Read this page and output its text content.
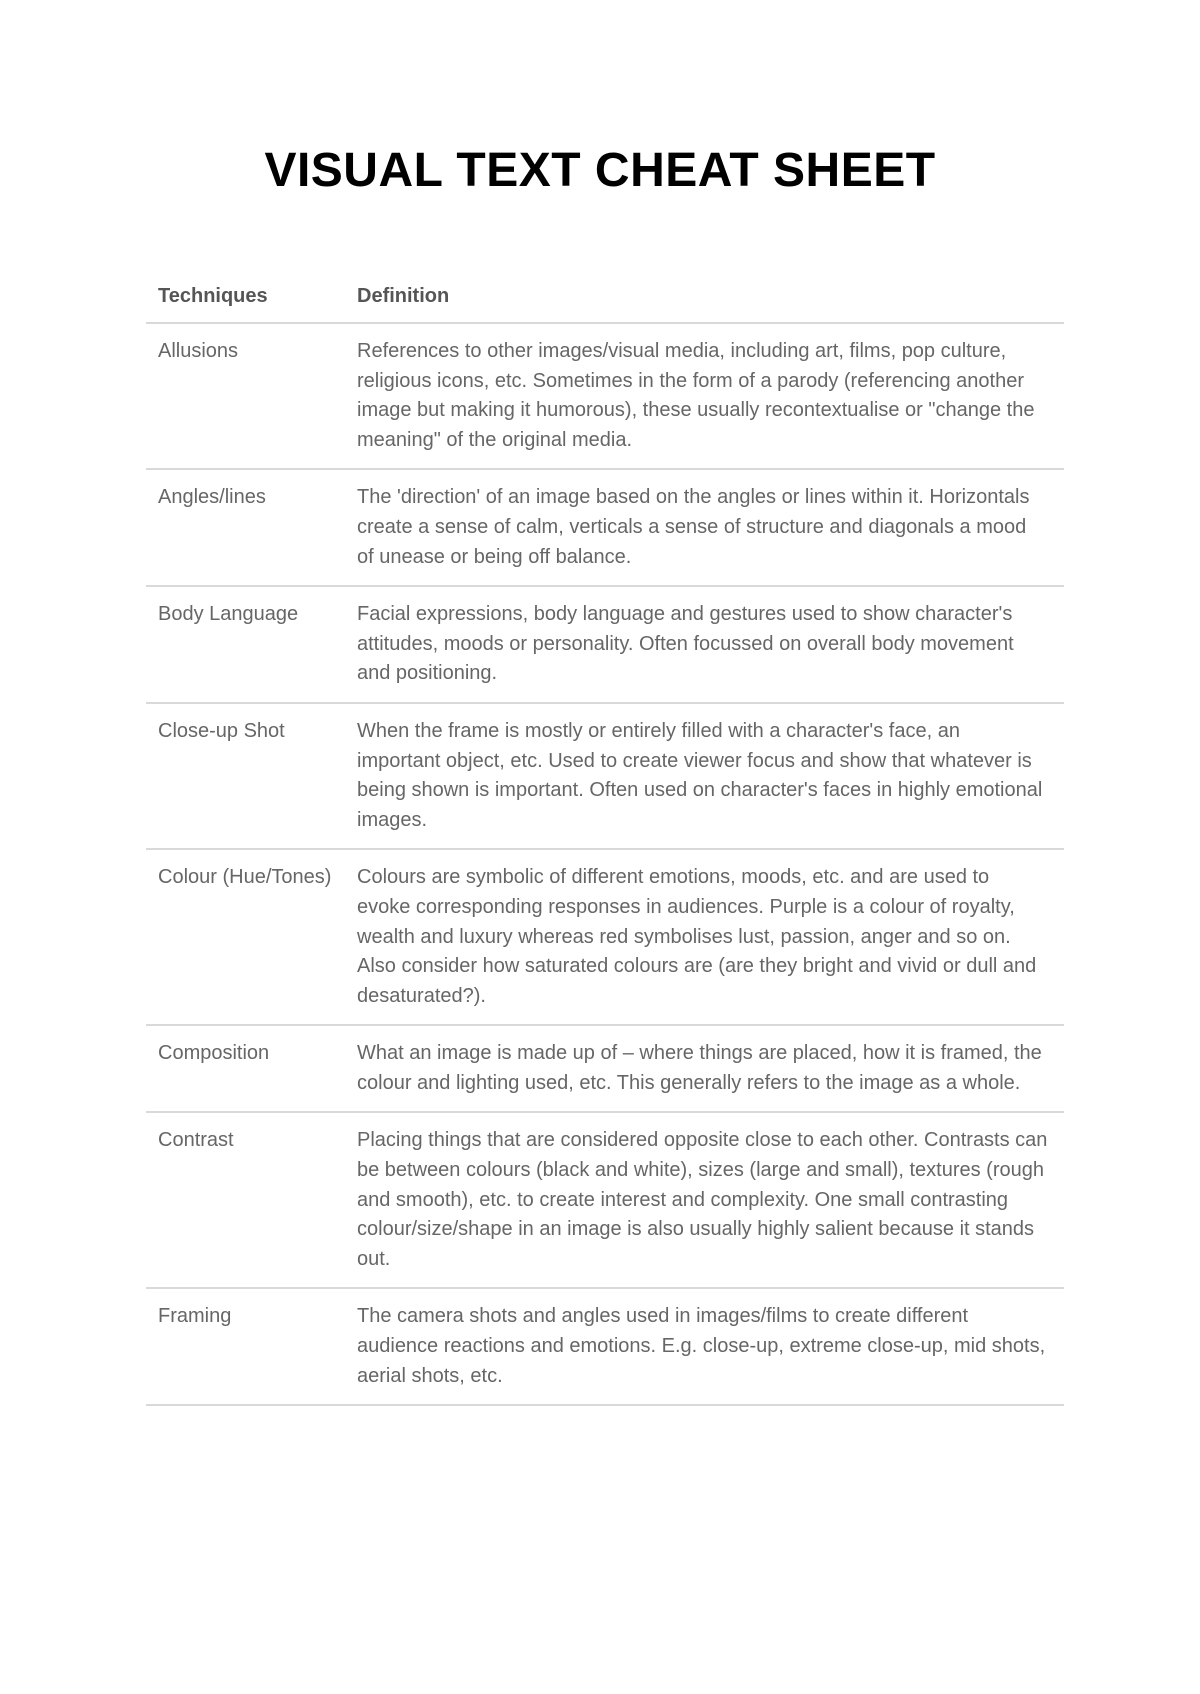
VISUAL TEXT CHEAT SHEET
Techniques	Definition
Allusions	References to other images/visual media, including art, films, pop culture, religious icons, etc. Sometimes in the form of a parody (referencing another image but making it humorous), these usually recontextualise or "change the meaning" of the original media.
Angles/lines	The 'direction' of an image based on the angles or lines within it. Horizontals create a sense of calm, verticals a sense of structure and diagonals a mood of unease or being off balance.
Body Language	Facial expressions, body language and gestures used to show character's attitudes, moods or personality. Often focussed on overall body movement and positioning.
Close-up Shot	When the frame is mostly or entirely filled with a character's face, an important object, etc. Used to create viewer focus and show that whatever is being shown is important. Often used on character's faces in highly emotional images.
Colour (Hue/Tones)	Colours are symbolic of different emotions, moods, etc. and are used to evoke corresponding responses in audiences. Purple is a colour of royalty, wealth and luxury whereas red symbolises lust, passion, anger and so on. Also consider how saturated colours are (are they bright and vivid or dull and desaturated?).
Composition	What an image is made up of – where things are placed, how it is framed, the colour and lighting used, etc. This generally refers to the image as a whole.
Contrast	Placing things that are considered opposite close to each other. Contrasts can be between colours (black and white), sizes (large and small), textures (rough and smooth), etc. to create interest and complexity. One small contrasting colour/size/shape in an image is also usually highly salient because it stands out.
Framing	The camera shots and angles used in images/films to create different audience reactions and emotions. E.g. close-up, extreme close-up, mid shots, aerial shots, etc.
